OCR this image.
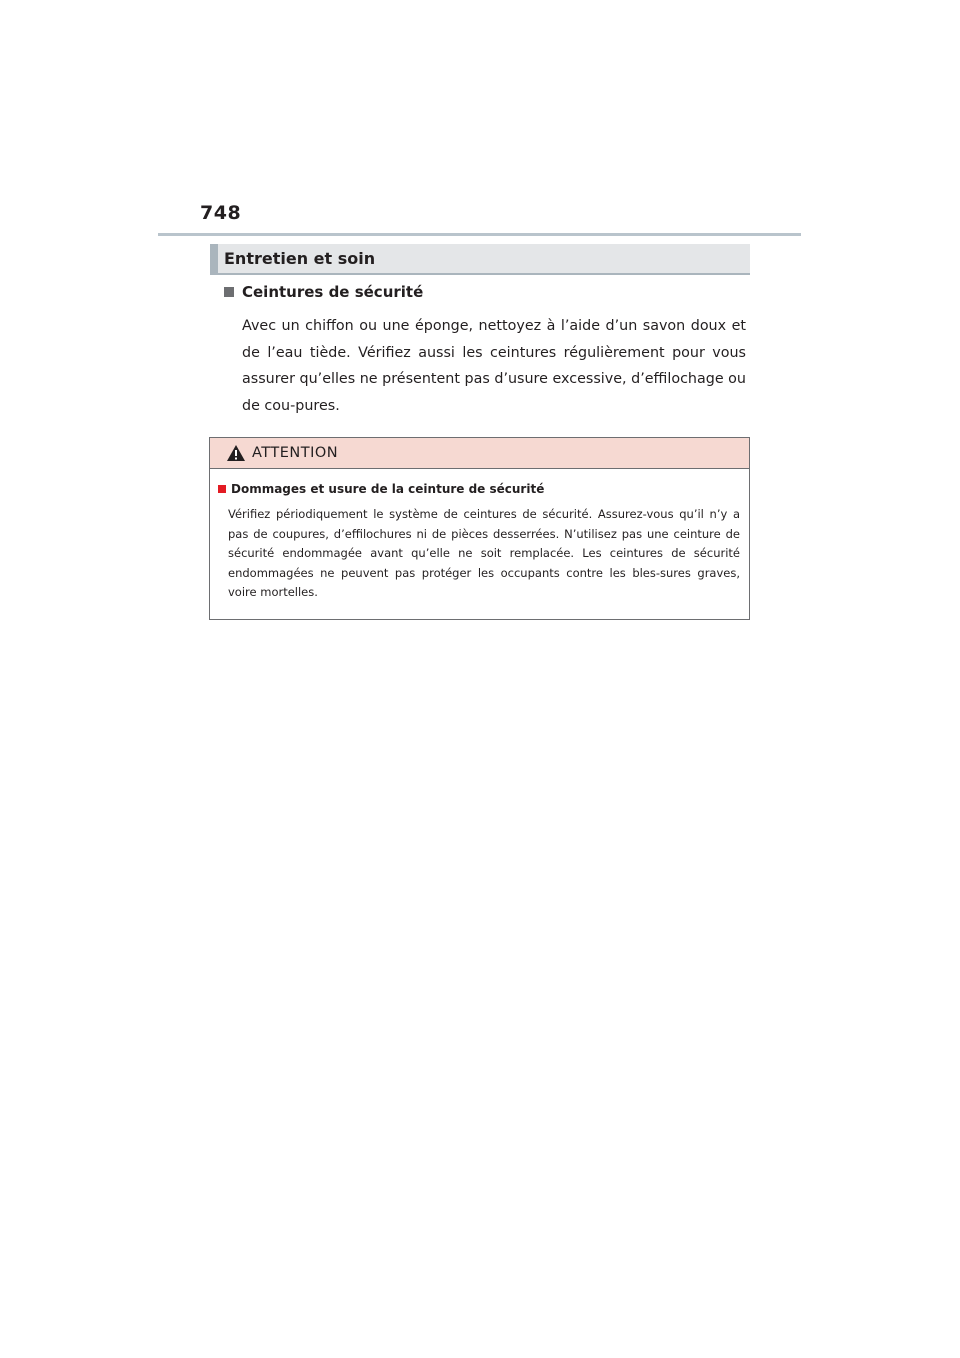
748
Entretien et soin
Ceintures de sécurité

Avec un chiffon ou une éponge, nettoyez à l’aide d’un savon doux et de l’eau tiède. Vérifiez aussi les ceintures régulièrement pour vous assurer qu’elles ne présentent pas d’usure excessive, d’effilochage ou de cou-pures.

ATTENTION
Dommages et usure de la ceinture de sécurité

Vérifiez périodiquement le système de ceintures de sécurité. Assurez-vous qu’il n’y a pas de coupures, d’effilochures ni de pièces desserrées. N’utilisez pas une ceinture de sécurité endommagée avant qu’elle ne soit remplacée. Les ceintures de sécurité endommagées ne peuvent pas protéger les occupants contre les bles-sures graves, voire mortelles.
